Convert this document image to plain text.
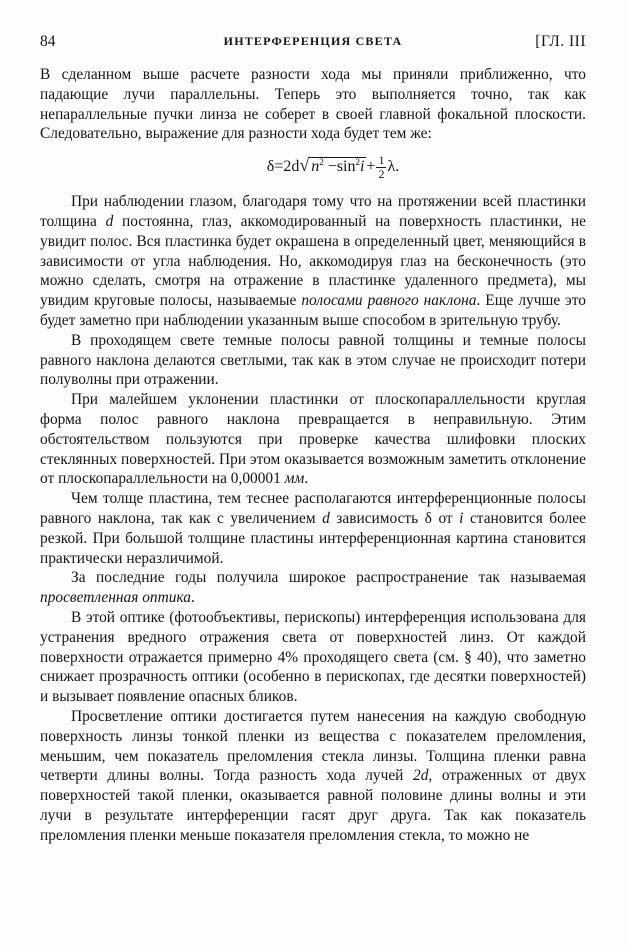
84	ИНТЕРФЕРЕНЦИЯ СВЕТА	[ГЛ. III

В сделанном выше расчете разности хода мы приняли приближенно, что падающие лучи параллельны. Теперь это выполняется точно, так как непараллельные пучки линза не соберет в своей главной фокальной плоскости. Следовательно, выражение для разности хода будет тем же:

δ=2d√ $n^2 -\sin^2i + \frac{1}{2} \lambda$.

При наблюдении глазом, благодаря тому что на протяжении всей пластинки толщина d постоянна, глаз, аккомодированный на поверхность пластинки, не увидит полос. Вся пластинка будет окрашена в определенный цвет, меняющийся в зависимости от угла наблюдения. Но, аккомодируя глаз на бесконечность (это можно сделать, смотря на отражение в пластинке удаленного предмета), мы увидим круговые полосы, называемые полосами равного наклона. Еще лучше это будет заметно при наблюдении указанным выше способом в зрительную трубу.

В проходящем свете темные полосы равной толщины и темные полосы равного наклона делаются светлыми, так как в этом случае не происходит потери полуволны при отражении.

При малейшем уклонении пластинки от плоскопараллельности круглая форма полос равного наклона превращается в неправильную. Этим обстоятельством пользуются при проверке качества шлифовки плоских стеклянных поверхностей. При этом оказывается возможным заметить отклонение от плоскопараллельности на 0,00001 мм.

Чем толще пластина, тем теснее располагаются интерференционные полосы равного наклона, так как с увеличением d зависимость δ от i становится более резкой. При большой толщине пластины интерференционная картина становится практически неразличимой.

За последние годы получила широкое распространение так называемая просветленная оптика.

В этой оптике (фотообъективы, перископы) интерференция использована для устранения вредного отражения света от поверхностей линз. От каждой поверхности отражается примерно 4% проходящего света (см. § 40), что заметно снижает прозрачность оптики (особенно в перископах, где десятки поверхностей) и вызывает появление опасных бликов.

Просветление оптики достигается путем нанесения на каждую свободную поверхность линзы тонкой пленки из вещества с показателем преломления, меньшим, чем показатель преломления стекла линзы. Толщина пленки равна четверти длины волны. Тогда разность хода лучей 2d, отраженных от двух поверхностей такой пленки, оказывается равной половине длины волны и эти лучи в результате интерференции гасят друг друга. Так как показатель преломления пленки меньше показателя преломления стекла, то можно не
